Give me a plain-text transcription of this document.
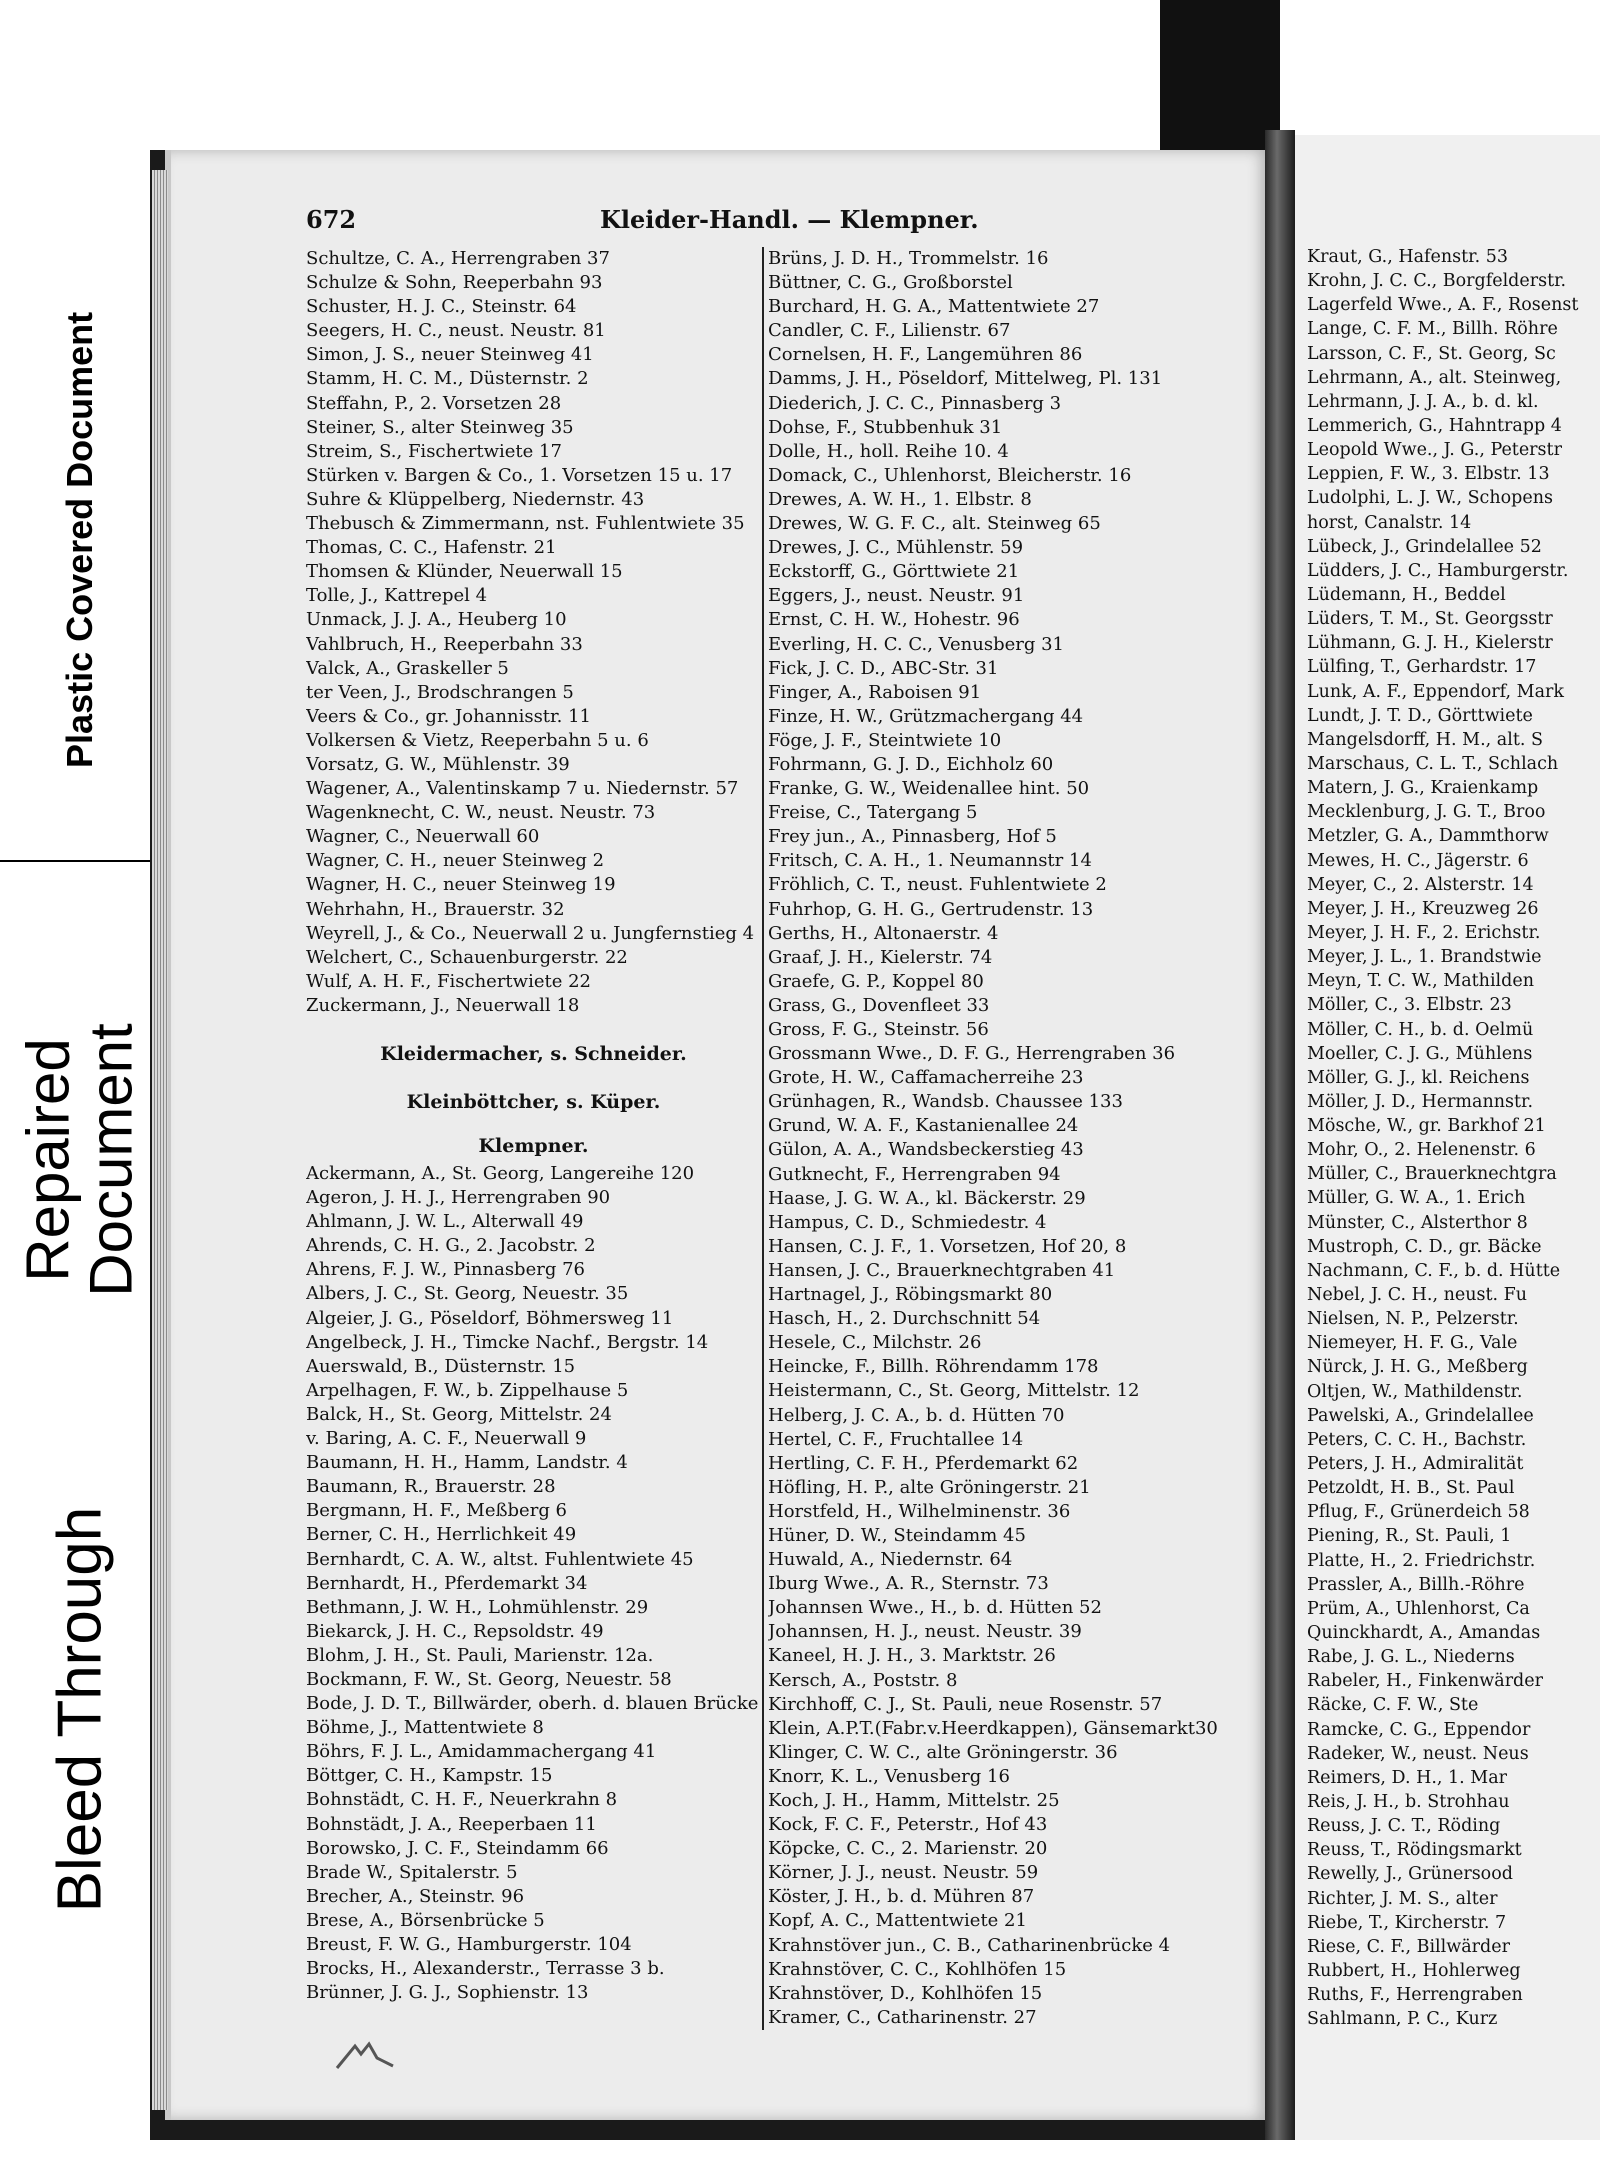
Plastic Covered Document
Repaired
Document
Bleed Through
672	Kleider-Handl. — Klempner.
Schultze, C. A., Herrengraben 37
Schulze & Sohn, Reeperbahn 93
Schuster, H. J. C., Steinstr. 64
Seegers, H. C., neust. Neustr. 81
Simon, J. S., neuer Steinweg 41
Stamm, H. C. M., Düsternstr. 2
Steffahn, P., 2. Vorsetzen 28
Steiner, S., alter Steinweg 35
Streim, S., Fischertwiete 17
Stürken v. Bargen & Co., 1. Vorsetzen 15 u. 17
Suhre & Klüppelberg, Niedernstr. 43
Thebusch & Zimmermann, nst. Fuhlentwiete 35
Thomas, C. C., Hafenstr. 21
Thomsen & Klünder, Neuerwall 15
Tolle, J., Kattrepel 4
Unmack, J. J. A., Heuberg 10
Vahlbruch, H., Reeperbahn 33
Valck, A., Graskeller 5
ter Veen, J., Brodschrangen 5
Veers & Co., gr. Johannisstr. 11
Volkersen & Vietz, Reeperbahn 5 u. 6
Vorsatz, G. W., Mühlenstr. 39
Wagener, A., Valentinskamp 7 u. Niedernstr. 57
Wagenknecht, C. W., neust. Neustr. 73
Wagner, C., Neuerwall 60
Wagner, C. H., neuer Steinweg 2
Wagner, H. C., neuer Steinweg 19
Wehrhahn, H., Brauerstr. 32
Weyrell, J., & Co., Neuerwall 2 u. Jungfernstieg 4
Welchert, C., Schauenburgerstr. 22
Wulf, A. H. F., Fischertwiete 22
Zuckermann, J., Neuerwall 18
Kleidermacher, s. Schneider.
Kleinböttcher, s. Küper.
Klempner.
Ackermann, A., St. Georg, Langereihe 120
Ageron, J. H. J., Herrengraben 90
Ahlmann, J. W. L., Alterwall 49
Ahrends, C. H. G., 2. Jacobstr. 2
Ahrens, F. J. W., Pinnasberg 76
Albers, J. C., St. Georg, Neuestr. 35
Algeier, J. G., Pöseldorf, Böhmersweg 11
Angelbeck, J. H., Timcke Nachf., Bergstr. 14
Auerswald, B., Düsternstr. 15
Arpelhagen, F. W., b. Zippelhause 5
Balck, H., St. Georg, Mittelstr. 24
v. Baring, A. C. F., Neuerwall 9
Baumann, H. H., Hamm, Landstr. 4
Baumann, R., Brauerstr. 28
Bergmann, H. F., Meßberg 6
Berner, C. H., Herrlichkeit 49
Bernhardt, C. A. W., altst. Fuhlentwiete 45
Bernhardt, H., Pferdemarkt 34
Bethmann, J. W. H., Lohmühlenstr. 29
Biekarck, J. H. C., Repsoldstr. 49
Blohm, J. H., St. Pauli, Marienstr. 12a.
Bockmann, F. W., St. Georg, Neuestr. 58
Bode, J. D. T., Billwärder, oberh. d. blauen Brücke
Böhme, J., Mattentwiete 8
Böhrs, F. J. L., Amidammachergang 41
Böttger, C. H., Kampstr. 15
Bohnstädt, C. H. F., Neuerkrahn 8
Bohnstädt, J. A., Reeperbaen 11
Borowsko, J. C. F., Steindamm 66
Brade W., Spitalerstr. 5
Brecher, A., Steinstr. 96
Brese, A., Börsenbrücke 5
Breust, F. W. G., Hamburgerstr. 104
Brocks, H., Alexanderstr., Terrasse 3 b.
Brünner, J. G. J., Sophienstr. 13
Brüns, J. D. H., Trommelstr. 16
Büttner, C. G., Großborstel
Burchard, H. G. A., Mattentwiete 27
Candler, C. F., Lilienstr. 67
Cornelsen, H. F., Langemühren 86
Damms, J. H., Pöseldorf, Mittelweg, Pl. 131
Diederich, J. C. C., Pinnasberg 3
Dohse, F., Stubbenhuk 31
Dolle, H., holl. Reihe 10. 4
Domack, C., Uhlenhorst, Bleicherstr. 16
Drewes, A. W. H., 1. Elbstr. 8
Drewes, W. G. F. C., alt. Steinweg 65
Drewes, J. C., Mühlenstr. 59
Eckstorff, G., Görttwiete 21
Eggers, J., neust. Neustr. 91
Ernst, C. H. W., Hohestr. 96
Everling, H. C. C., Venusberg 31
Fick, J. C. D., ABC-Str. 31
Finger, A., Raboisen 91
Finze, H. W., Grützmachergang 44
Föge, J. F., Steintwiete 10
Fohrmann, G. J. D., Eichholz 60
Franke, G. W., Weidenallee hint. 50
Freise, C., Tatergang 5
Frey jun., A., Pinnasberg, Hof 5
Fritsch, C. A. H., 1. Neumannstr 14
Fröhlich, C. T., neust. Fuhlentwiete 2
Fuhrhop, G. H. G., Gertrudenstr. 13
Gerths, H., Altonaerstr. 4
Graaf, J. H., Kielerstr. 74
Graefe, G. P., Koppel 80
Grass, G., Dovenfleet 33
Gross, F. G., Steinstr. 56
Grossmann Wwe., D. F. G., Herrengraben 36
Grote, H. W., Caffamacherreihe 23
Grünhagen, R., Wandsb. Chaussee 133
Grund, W. A. F., Kastanienallee 24
Gülon, A. A., Wandsbeckerstieg 43
Gutknecht, F., Herrengraben 94
Haase, J. G. W. A., kl. Bäckerstr. 29
Hampus, C. D., Schmiedestr. 4
Hansen, C. J. F., 1. Vorsetzen, Hof 20, 8
Hansen, J. C., Brauerknechtgraben 41
Hartnagel, J., Röbingsmarkt 80
Hasch, H., 2. Durchschnitt 54
Hesele, C., Milchstr. 26
Heincke, F., Billh. Röhrendamm 178
Heistermann, C., St. Georg, Mittelstr. 12
Helberg, J. C. A., b. d. Hütten 70
Hertel, C. F., Fruchtallee 14
Hertling, C. F. H., Pferdemarkt 62
Höfling, H. P., alte Gröningerstr. 21
Horstfeld, H., Wilhelminenstr. 36
Hüner, D. W., Steindamm 45
Huwald, A., Niedernstr. 64
Iburg Wwe., A. R., Sternstr. 73
Johannsen Wwe., H., b. d. Hütten 52
Johannsen, H. J., neust. Neustr. 39
Kaneel, H. J. H., 3. Marktstr. 26
Kersch, A., Poststr. 8
Kirchhoff, C. J., St. Pauli, neue Rosenstr. 57
Klein, A.P.T.(Fabr.v.Heerdkappen), Gänsemarkt30
Klinger, C. W. C., alte Gröningerstr. 36
Knorr, K. L., Venusberg 16
Koch, J. H., Hamm, Mittelstr. 25
Kock, F. C. F., Peterstr., Hof 43
Köpcke, C. C., 2. Marienstr. 20
Körner, J. J., neust. Neustr. 59
Köster, J. H., b. d. Mühren 87
Kopf, A. C., Mattentwiete 21
Krahnstöver jun., C. B., Catharinenbrücke 4
Krahnstöver, C. C., Kohlhöfen 15
Krahnstöver, D., Kohlhöfen 15
Kramer, C., Catharinenstr. 27
Kraut, G., Hafenstr. 53
Krohn, J. C. C., Borgfelderstr.
Lagerfeld Wwe., A. F., Rosenst
Lange, C. F. M., Billh. Röhre
Larsson, C. F., St. Georg, Sc
Lehrmann, A., alt. Steinweg,
Lehrmann, J. J. A., b. d. kl.
Lemmerich, G., Hahntrapp 4
Leopold Wwe., J. G., Peterstr
Leppien, F. W., 3. Elbstr. 13
Ludolphi, L. J. W., Schopens
horst, Canalstr. 14
Lübeck, J., Grindelallee 52
Lüdders, J. C., Hamburgerstr.
Lüdemann, H., Beddel
Lüders, T. M., St. Georgsstr
Lühmann, G. J. H., Kielerstr
Lülfing, T., Gerhardstr. 17
Lunk, A. F., Eppendorf, Mark
Lundt, J. T. D., Görttwiete
Mangelsdorff, H. M., alt. S
Marschaus, C. L. T., Schlach
Matern, J. G., Kraienkamp
Mecklenburg, J. G. T., Broo
Metzler, G. A., Dammthorw
Mewes, H. C., Jägerstr. 6
Meyer, C., 2. Alsterstr. 14
Meyer, J. H., Kreuzweg 26
Meyer, J. H. F., 2. Erichstr.
Meyer, J. L., 1. Brandstwie
Meyn, T. C. W., Mathilden
Möller, C., 3. Elbstr. 23
Möller, C. H., b. d. Oelmü
Moeller, C. J. G., Mühlens
Möller, G. J., kl. Reichens
Möller, J. D., Hermannstr.
Mösche, W., gr. Barkhof 21
Mohr, O., 2. Helenenstr. 6
Müller, C., Brauerknechtgra
Müller, G. W. A., 1. Erich
Münster, C., Alsterthor 8
Mustroph, C. D., gr. Bäcke
Nachmann, C. F., b. d. Hütte
Nebel, J. C. H., neust. Fu
Nielsen, N. P., Pelzerstr.
Niemeyer, H. F. G., Vale
Nürck, J. H. G., Meßberg
Oltjen, W., Mathildenstr.
Pawelski, A., Grindelallee
Peters, C. C. H., Bachstr.
Peters, J. H., Admiralität
Petzoldt, H. B., St. Paul
Pflug, F., Grünerdeich 58
Piening, R., St. Pauli, 1
Platte, H., 2. Friedrichstr.
Prassler, A., Billh.-Röhre
Prüm, A., Uhlenhorst, Ca
Quinckhardt, A., Amandas
Rabe, J. G. L., Niederns
Rabeler, H., Finkenwärder
Räcke, C. F. W., Ste
Ramcke, C. G., Eppendor
Radeker, W., neust. Neus
Reimers, D. H., 1. Mar
Reis, J. H., b. Strohhau
Reuss, J. C. T., Röding
Reuss, T., Rödingsmarkt
Rewelly, J., Grünersood
Richter, J. M. S., alter
Riebe, T., Kircherstr. 7
Riese, C. F., Billwärder
Rubbert, H., Hohlerweg
Ruths, F., Herrengraben
Sahlmann, P. C., Kurz
